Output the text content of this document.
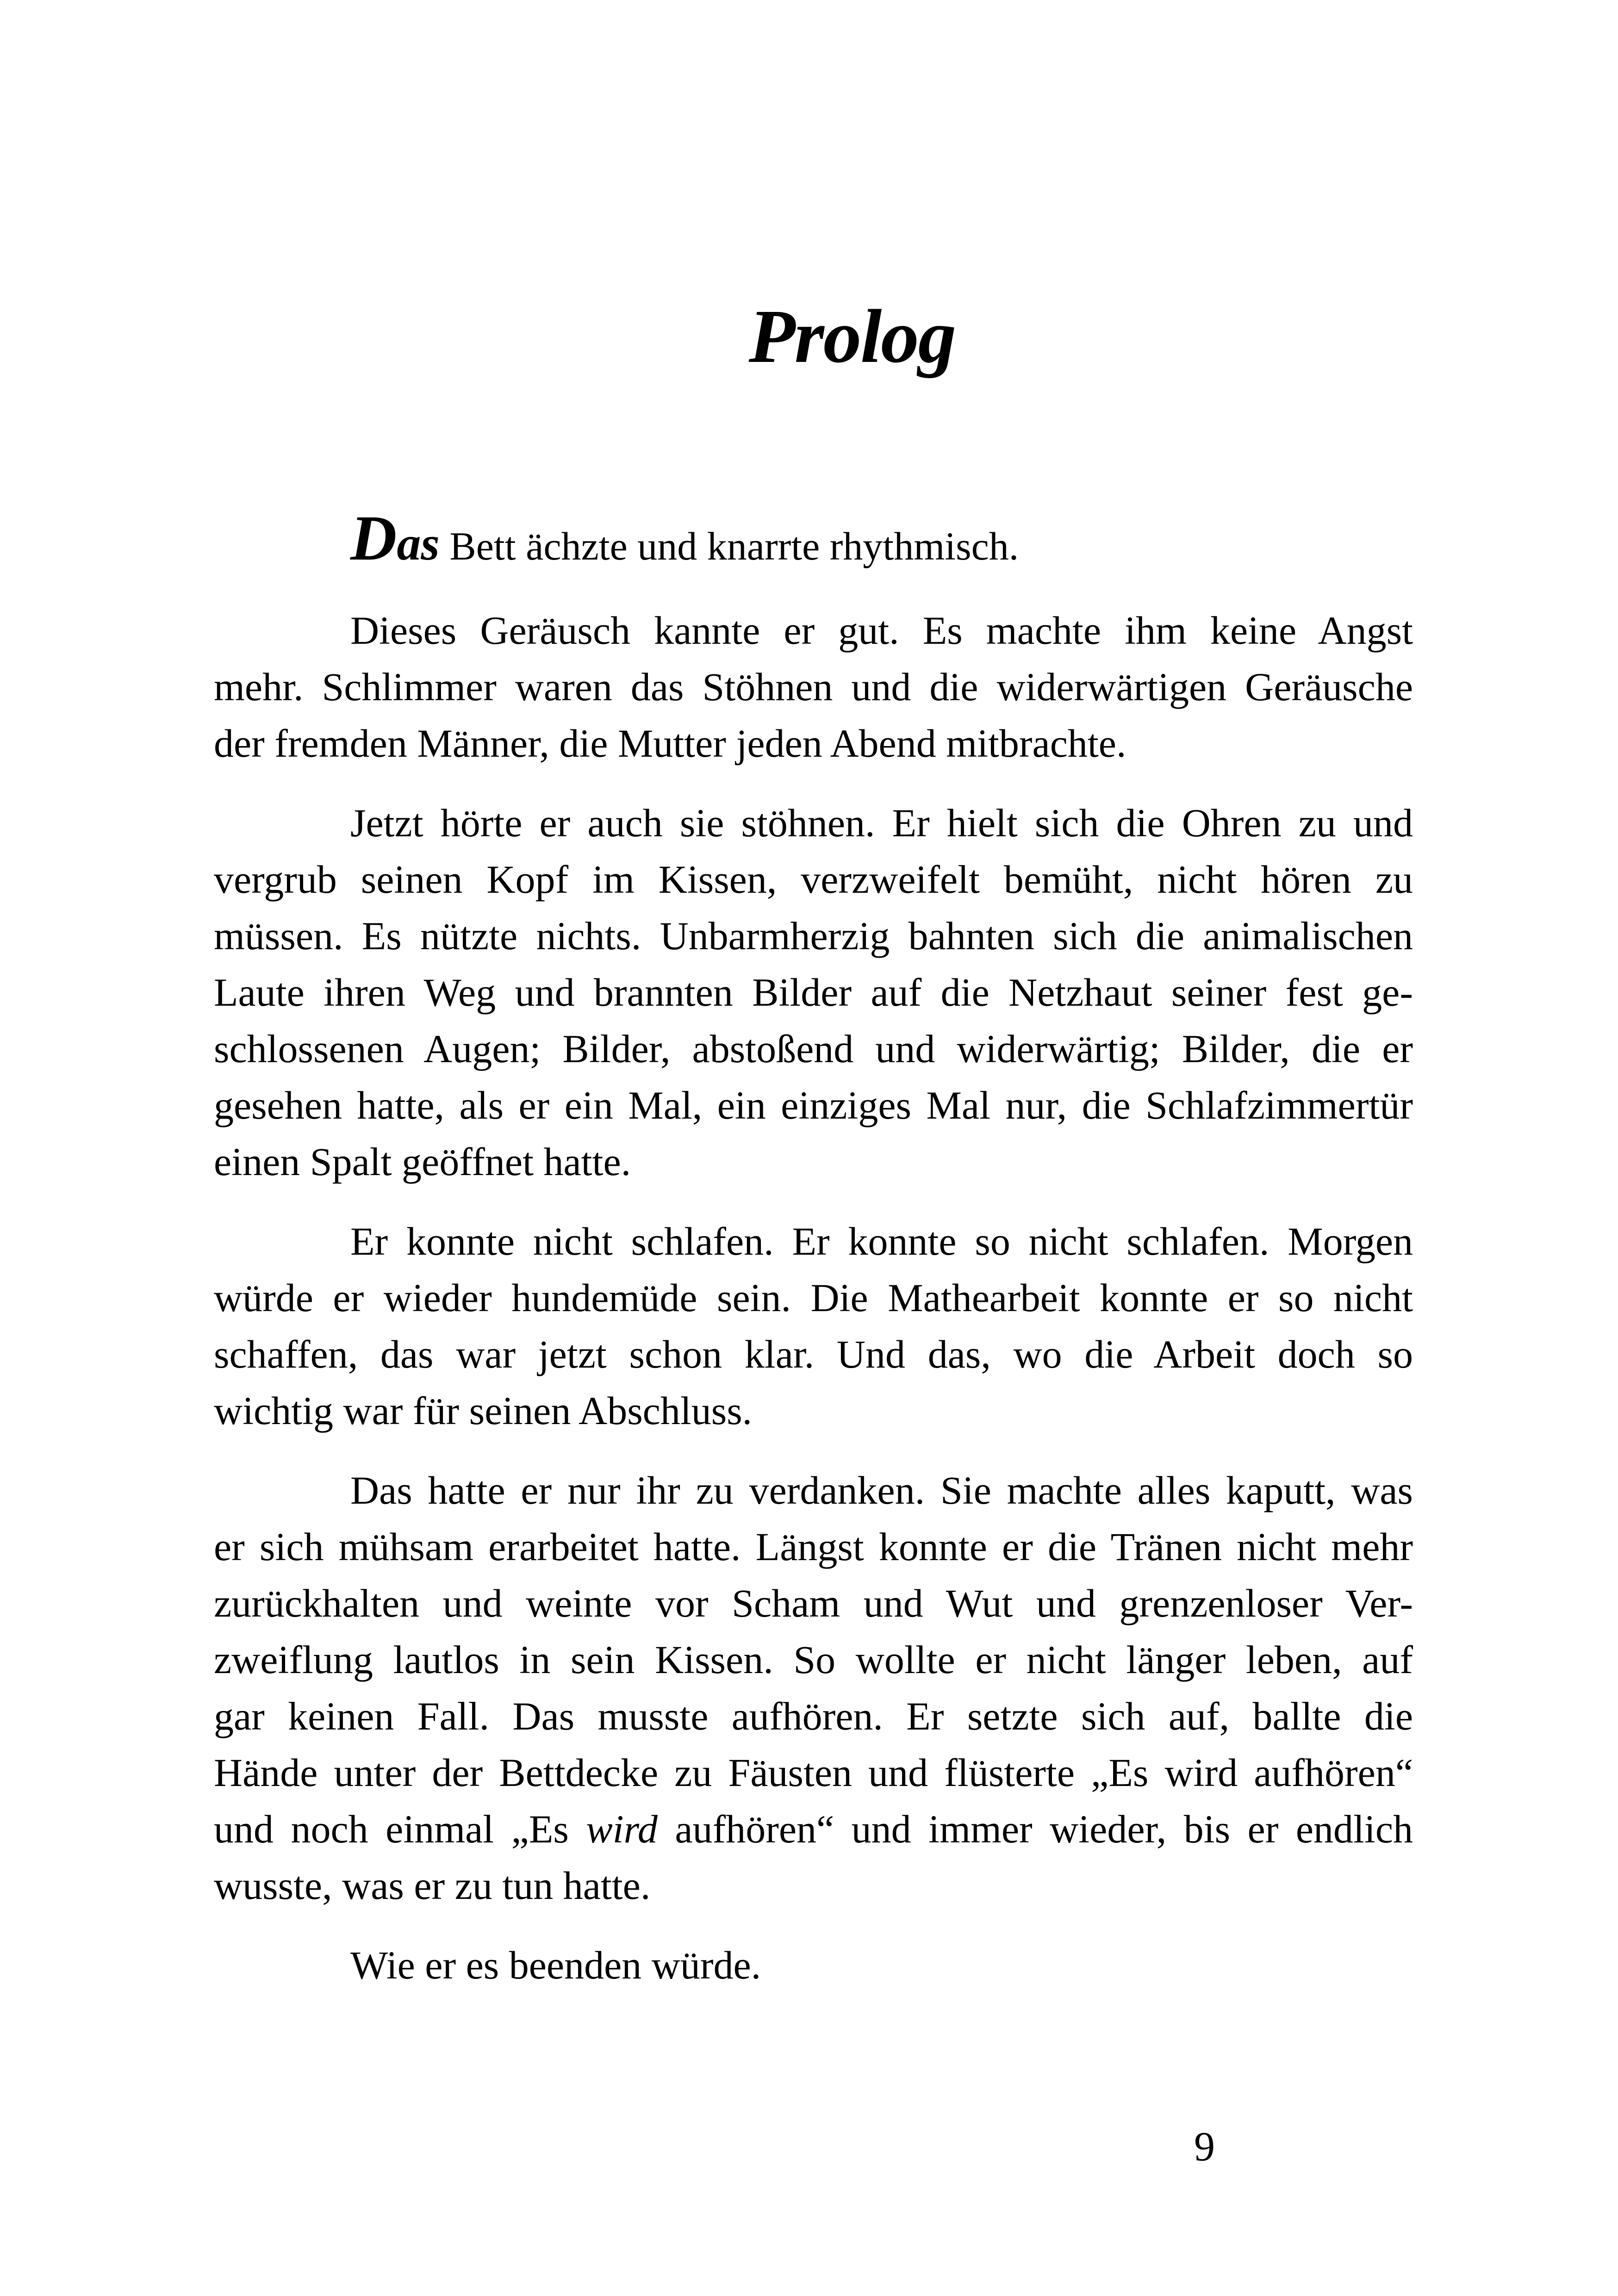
Prolog
Das Bett ächzte und knarrte rhythmisch.
Dieses Geräusch kannte er gut. Es machte ihm keine Angst
mehr. Schlimmer waren das Stöhnen und die widerwärtigen Geräusche
der fremden Männer, die Mutter jeden Abend mitbrachte.
Jetzt hörte er auch sie stöhnen. Er hielt sich die Ohren zu und
vergrub seinen Kopf im Kissen, verzweifelt bemüht, nicht hören zu
müssen. Es nützte nichts. Unbarmherzig bahnten sich die animalischen
Laute ihren Weg und brannten Bilder auf die Netzhaut seiner fest ge-
schlossenen Augen; Bilder, abstoßend und widerwärtig; Bilder, die er
gesehen hatte, als er ein Mal, ein einziges Mal nur, die Schlafzimmertür
einen Spalt geöffnet hatte.
Er konnte nicht schlafen. Er konnte so nicht schlafen. Morgen
würde er wieder hundemüde sein. Die Mathearbeit konnte er so nicht
schaffen, das war jetzt schon klar. Und das, wo die Arbeit doch so
wichtig war für seinen Abschluss.
Das hatte er nur ihr zu verdanken. Sie machte alles kaputt, was
er sich mühsam erarbeitet hatte. Längst konnte er die Tränen nicht mehr
zurückhalten und weinte vor Scham und Wut und grenzenloser Ver-
zweiflung lautlos in sein Kissen. So wollte er nicht länger leben, auf
gar keinen Fall. Das musste aufhören. Er setzte sich auf, ballte die
Hände unter der Bettdecke zu Fäusten und flüsterte „Es wird aufhören“
und noch einmal „Es wird aufhören“ und immer wieder, bis er endlich
wusste, was er zu tun hatte.
Wie er es beenden würde.
9
